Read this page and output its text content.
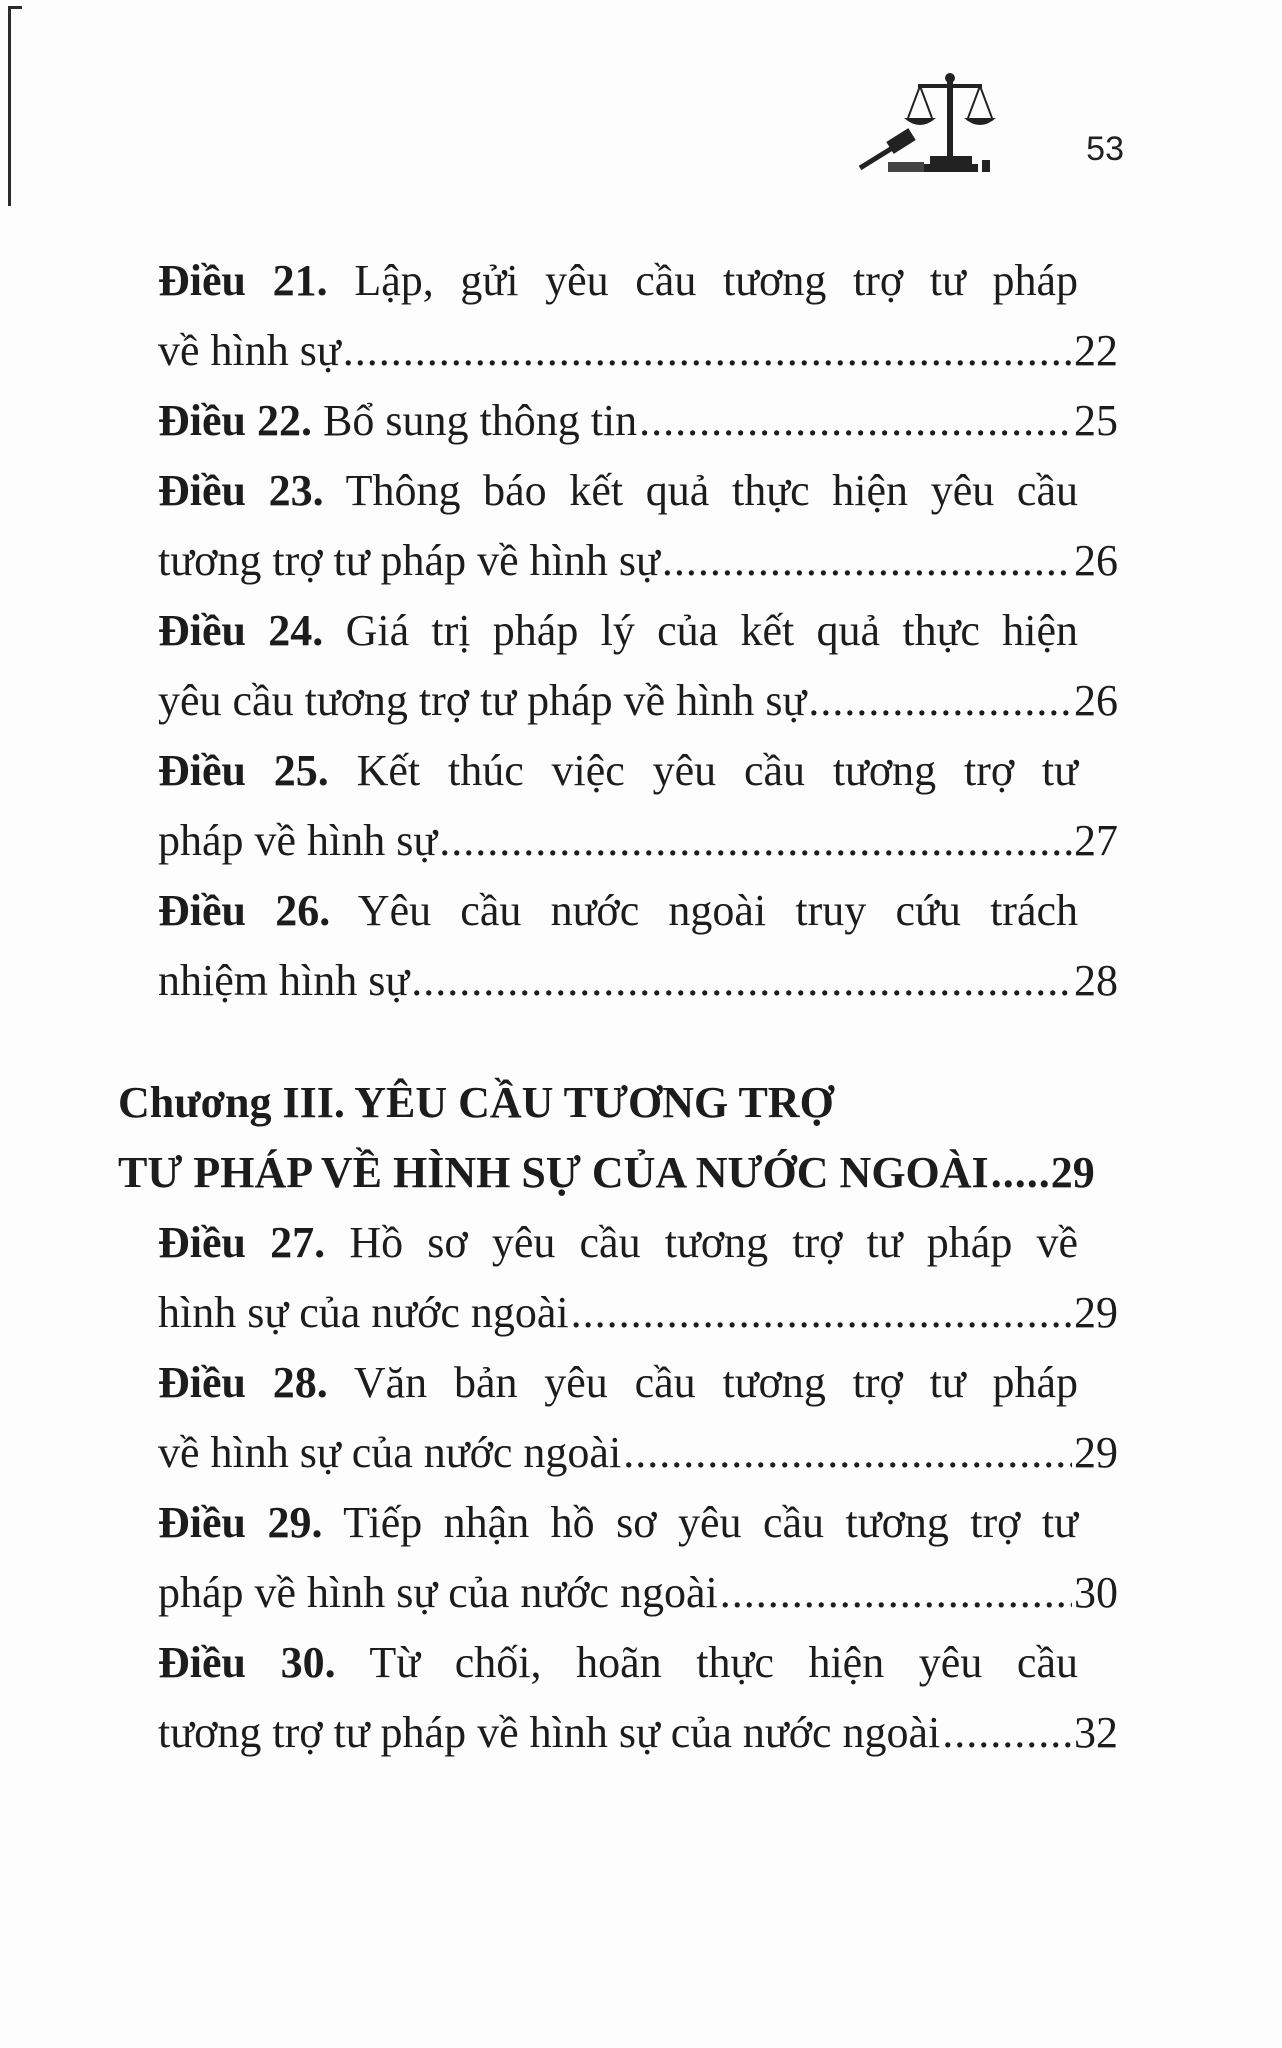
53
Điều 21. Lập, gửi yêu cầu tương trợ tư pháp
về hình sự .....	22
Điều 22.
Bổ sung thông tin .....	25
Điều 23. Thông báo kết quả thực hiện yêu cầu
tương trợ tư pháp về hình sự .....	26
Điều 24. Giá trị pháp lý của kết quả thực hiện
yêu cầu tương trợ tư pháp về hình sự .....	26
Điều 25. Kết thúc việc yêu cầu tương trợ tư
pháp về hình sự .....	27
Điều 26. Yêu cầu nước ngoài truy cứu trách
nhiệm hình sự .....	28
Chương III. YÊU CẦU TƯƠNG TRỢ
TƯ PHÁP VỀ HÌNH SỰ CỦA NƯỚC NGOÀI ..... 29
Điều 27. Hồ sơ yêu cầu tương trợ tư pháp về
hình sự của nước ngoài .....	29
Điều 28. Văn bản yêu cầu tương trợ tư pháp
về hình sự của nước ngoài .....	29
Điều 29. Tiếp nhận hồ sơ yêu cầu tương trợ tư
pháp về hình sự của nước ngoài .....	30
Điều 30. Từ chối, hoãn thực hiện yêu cầu
tương trợ tư pháp về hình sự của nước ngoài .....	32
